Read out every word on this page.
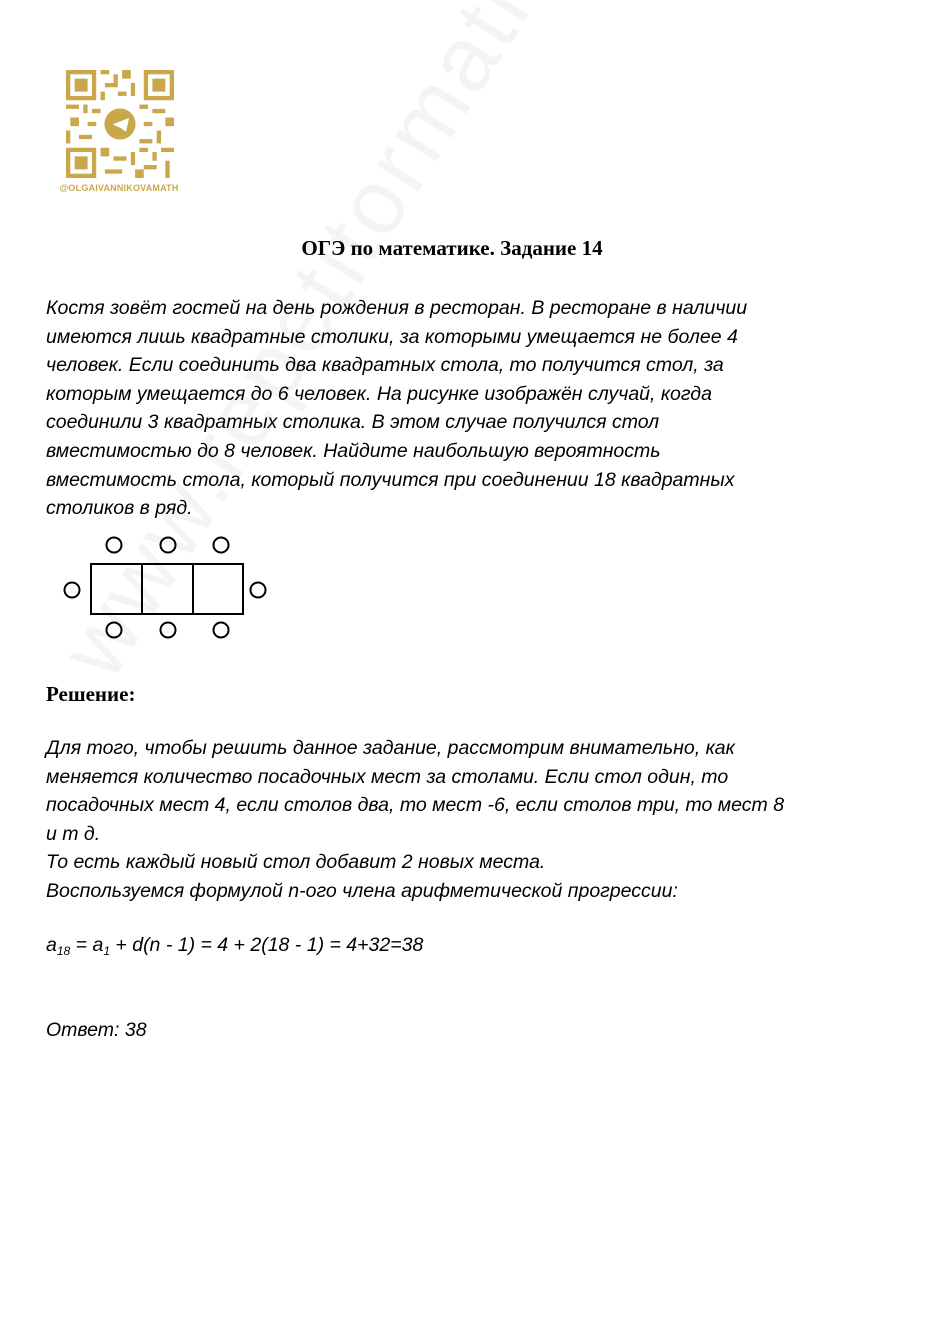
@OLGAIVANNIKOVAMATH
ОГЭ по математике. Задание 14

Костя зовёт гостей на день рождения в ресторан. В ресторане в наличии
имеются лишь квадратные столики, за которыми умещается не более 4
человек. Если соединить два квадратных стола, то получится стол, за
которым умещается до 6 человек. На рисунке изображён случай, когда
соединили 3 квадратных столика. В этом случае получился стол
вместимостью до 8 человек. Найдите наибольшую вероятность
вместимость стола, который получится при соединении 18 квадратных
столиков в ряд.

Решение:

Для того, чтобы решить данное задание, рассмотрим внимательно, как
меняется количество посадочных мест за столами. Если стол один, то
посадочных мест 4, если столов два, то мест -6, если столов три, то мест 8
и т д.
То есть каждый новый стол добавит 2 новых места.
Воспользуемся формулой n-ого члена арифметической прогрессии:

$a_{18} = a_1 + d(n - 1) = 4 + 2(18 - 1) = 4+32=38$
Ответ: 38
